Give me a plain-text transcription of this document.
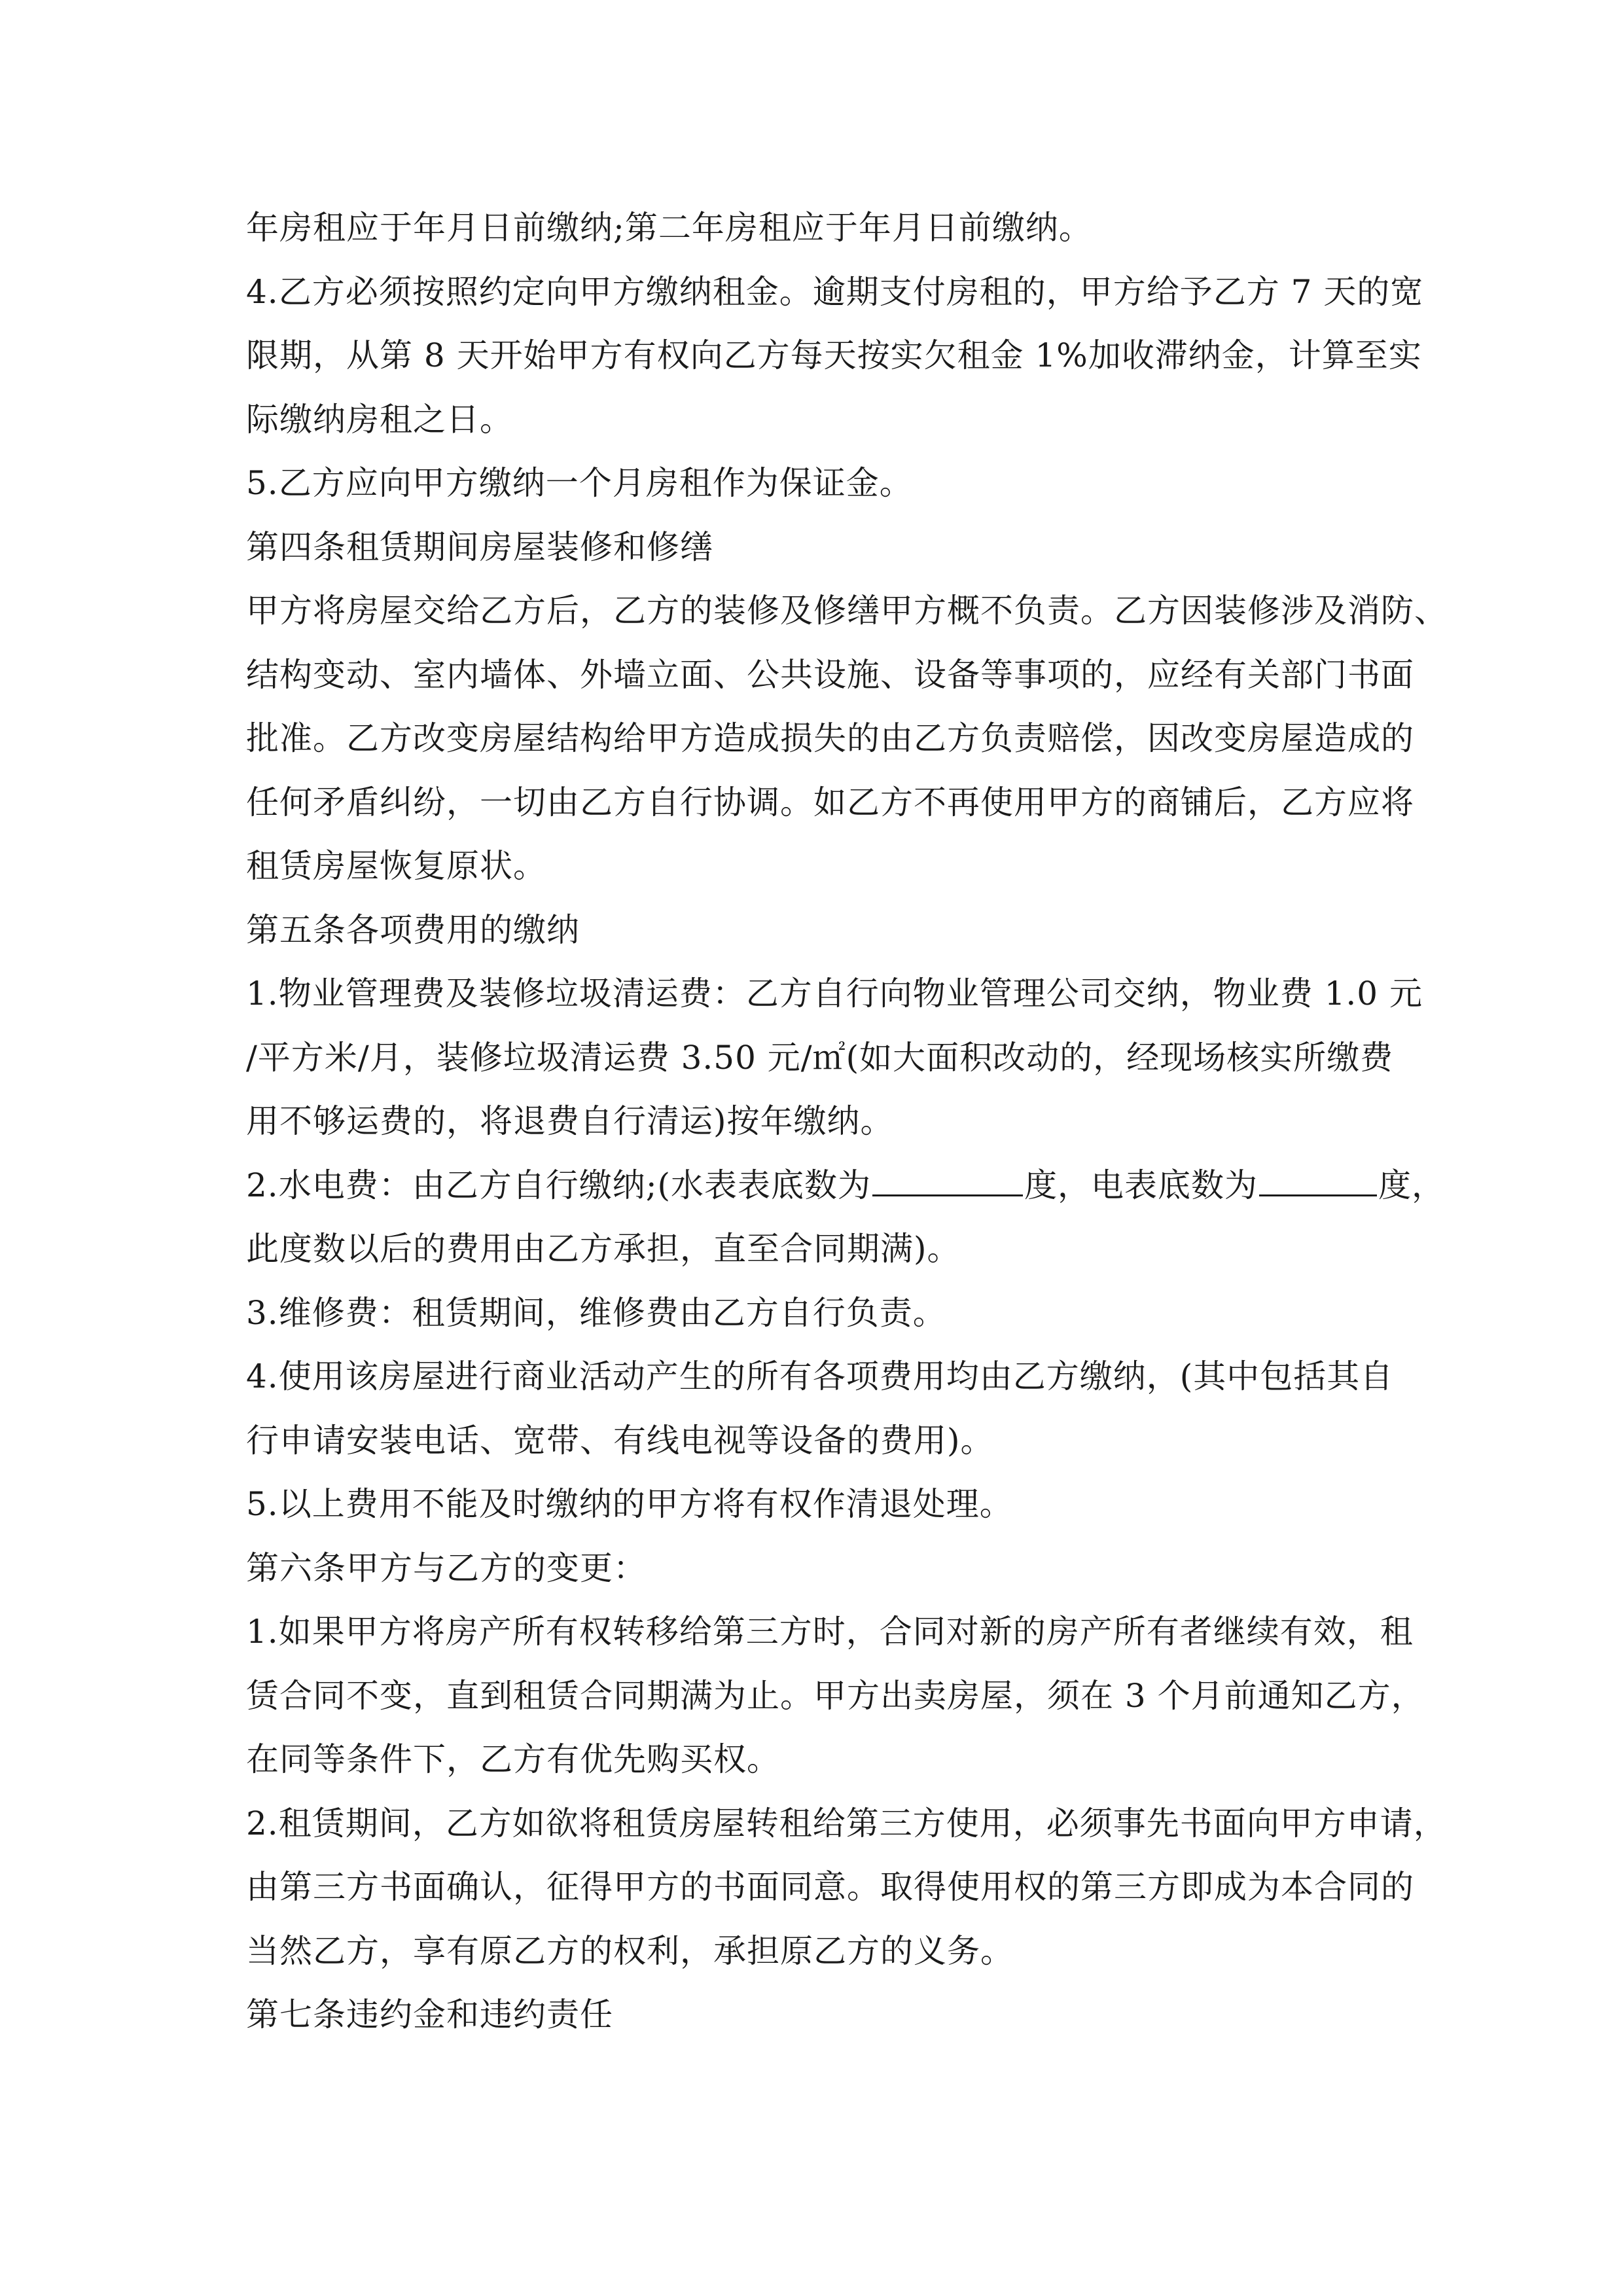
年房租应于年月日前缴纳;第二年房租应于年月日前缴纳。
4.乙方必须按照约定向甲方缴纳租金。逾期支付房租的，甲方给予乙方 7 天的宽
限期，从第 8 天开始甲方有权向乙方每天按实欠租金 1%加收滞纳金，计算至实
际缴纳房租之日。
5.乙方应向甲方缴纳一个月房租作为保证金。
第四条租赁期间房屋装修和修缮
甲方将房屋交给乙方后，乙方的装修及修缮甲方概不负责。乙方因装修涉及消防、
结构变动、室内墙体、外墙立面、公共设施、设备等事项的，应经有关部门书面
批准。乙方改变房屋结构给甲方造成损失的由乙方负责赔偿，因改变房屋造成的
任何矛盾纠纷，一切由乙方自行协调。如乙方不再使用甲方的商铺后，乙方应将
租赁房屋恢复原状。
第五条各项费用的缴纳
1.物业管理费及装修垃圾清运费：乙方自行向物业管理公司交纳，物业费 1.0 元
/平方米/月，装修垃圾清运费 3.50 元/㎡(如大面积改动的，经现场核实所缴费
用不够运费的，将退费自行清运)按年缴纳。
2.水电费：由乙方自行缴纳;(水表表底数为	度，电表底数为	度，
此度数以后的费用由乙方承担，直至合同期满)。
3.维修费：租赁期间，维修费由乙方自行负责。
4.使用该房屋进行商业活动产生的所有各项费用均由乙方缴纳，(其中包括其自
行申请安装电话、宽带、有线电视等设备的费用)。
5.以上费用不能及时缴纳的甲方将有权作清退处理。
第六条甲方与乙方的变更：
1.如果甲方将房产所有权转移给第三方时，合同对新的房产所有者继续有效，租
赁合同不变，直到租赁合同期满为止。甲方出卖房屋，须在 3 个月前通知乙方，
在同等条件下，乙方有优先购买权。
2.租赁期间，乙方如欲将租赁房屋转租给第三方使用，必须事先书面向甲方申请，
由第三方书面确认，征得甲方的书面同意。取得使用权的第三方即成为本合同的
当然乙方，享有原乙方的权利，承担原乙方的义务。
第七条违约金和违约责任
